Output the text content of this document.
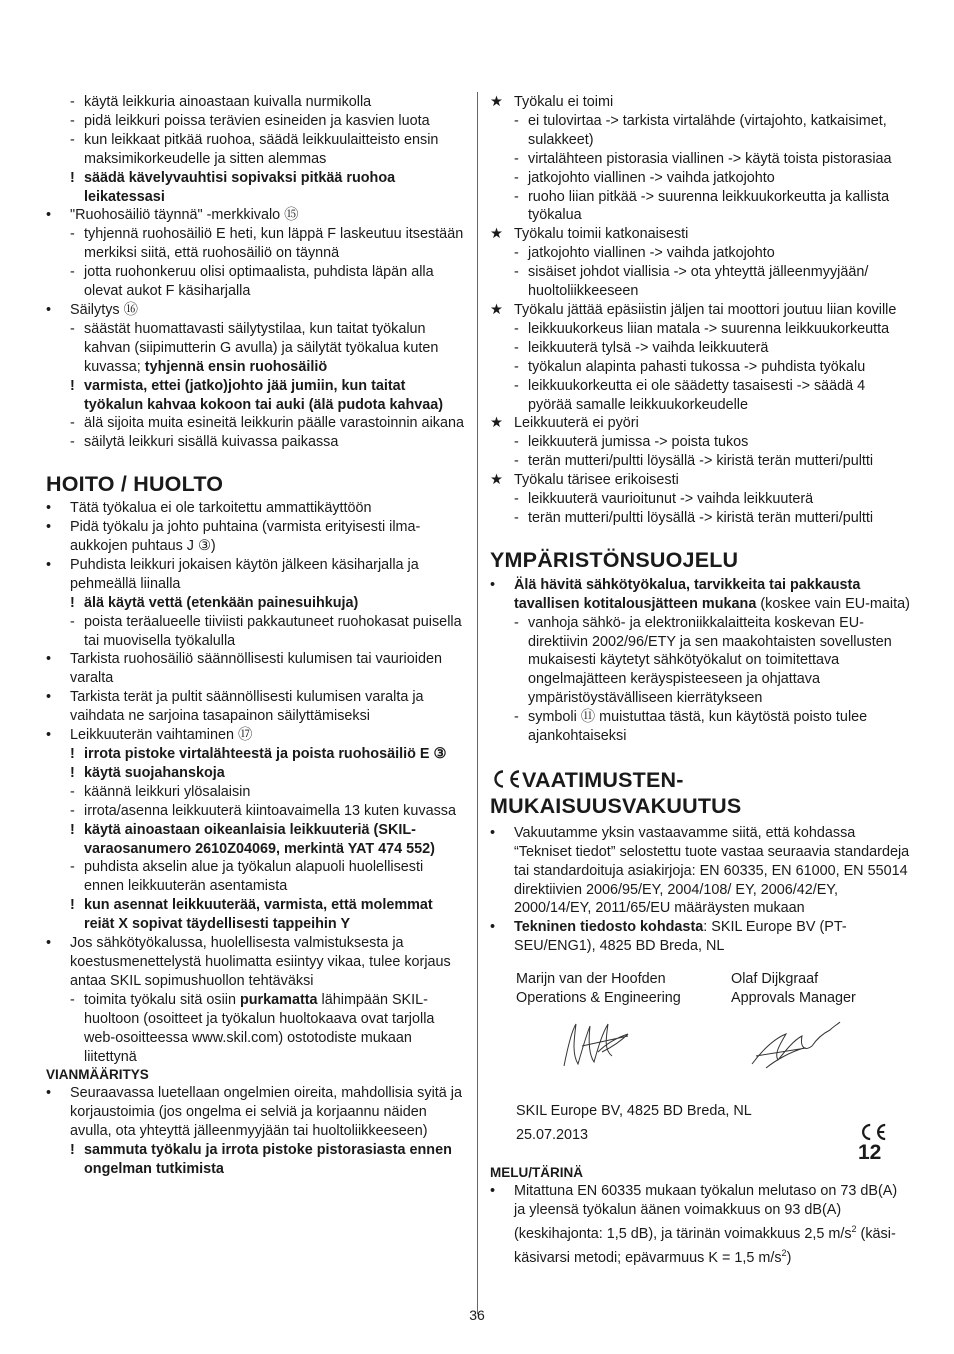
- käytä leikkuria ainoastaan kuivalla nurmikolla
- pidä leikkuri poissa terävien esineiden ja kasvien luota
- kun leikkaat pitkää ruohoa, säädä leikkuulaitteisto ensin maksimikorkeudelle ja sitten alemmas
! säädä kävelyvauhtisi sopivaksi pitkää ruohoa leikatessasi
• "Ruohosäiliö täynnä" -merkkivalo ⑮
- tyhjennä ruohosäiliö E heti, kun läppä F laskeutuu itsestään merkiksi siitä, että ruohosäiliö on täynnä
- jotta ruohonkeruu olisi optimaalista, puhdista läpän alla olevat aukot F käsiharjalla
• Säilytys ⑯
- säästät huomattavasti säilytystilaa, kun taitat työkalun kahvan (siipimutterin G avulla) ja säilytät työkalua kuten kuvassa; tyhjennä ensin ruohosäiliö
! varmista, ettei (jatko)johto jää jumiin, kun taitat työkalun kahvaa kokoon tai auki (älä pudota kahvaa)
- älä sijoita muita esineitä leikkurin päälle varastoinnin aikana
- säilytä leikkuri sisällä kuivassa paikassa
HOITO / HUOLTO
• Tätä työkalua ei ole tarkoitettu ammattikäyttöön
• Pidä työkalu ja johto puhtaina (varmista erityisesti ilma-aukkojen puhtaus J ③)
• Puhdista leikkuri jokaisen käytön jälkeen käsiharjalla ja pehmeällä liinalla
! älä käytä vettä (etenkään painesuihkuja)
- poista teräalueelle tiiviisti pakkautuneet ruohokasat puisella tai muovisella työkalulla
• Tarkista ruohosäiliö säännöllisesti kulumisen tai vaurioiden varalta
• Tarkista terät ja pultit säännöllisesti kulumisen varalta ja vaihdata ne sarjoina tasapainon säilyttämiseksi
• Leikkuuterän vaihtaminen ⑰
! irrota pistoke virtalähteestä ja poista ruohosäiliö E ③
! käytä suojahanskoja
- käännä leikkuri ylösalaisin
- irrota/asenna leikkuuterä kiintoavaimella 13 kuten kuvassa
! käytä ainoastaan oikeanlaisia leikkuuteriä (SKIL-varaosanumero 2610Z04069, merkintä YAT 474 552)
- puhdista akselin alue ja työkalun alapuoli huolellisesti ennen leikkuuterän asentamista
! kun asennat leikkuuterää, varmista, että molemmat reiät X sopivat täydellisesti tappeihin Y
• Jos sähkötyökalussa, huolellisesta valmistuksesta ja koestusmenettelystä huolimatta esiintyy vikaa, tulee korjaus antaa SKIL sopimushuollon tehtäväksi
- toimita työkalu sitä osiin purkamatta lähimpään SKIL-huoltoon (osoitteet ja työkalun huoltokaava ovat tarjolla web-osoitteessa www.skil.com) ostotodiste mukaan liitettynä
VIANMÄÄRITYS
• Seuraavassa luetellaan ongelmien oireita, mahdollisia syitä ja korjaustoimia (jos ongelma ei selviä ja korjaannu näiden avulla, ota yhteyttä jälleenmyyjään tai huoltoliikkeeseen)
! sammuta työkalu ja irrota pistoke pistorasiasta ennen ongelman tutkimista
★ Työkalu ei toimi
- ei tulovirtaa -> tarkista virtalähde (virtajohto, katkaisimet, sulakkeet)
- virtalähteen pistorasia viallinen -> käytä toista pistorasiaa
- jatkojohto viallinen -> vaihda jatkojohto
- ruoho liian pitkää -> suurenna leikkuukorkeutta ja kallista työkalua
★ Työkalu toimii katkonaisesti
- jatkojohto viallinen -> vaihda jatkojohto
- sisäiset johdot viallisia -> ota yhteyttä jälleenmyyjään/ huoltoliikkeeseen
★ Työkalu jättää epäsiistin jäljen tai moottori joutuu liian koville
- leikkuukorkeus liian matala -> suurenna leikkuukorkeutta
- leikkuuterä tylsä -> vaihda leikkuuterä
- työkalun alapinta pahasti tukossa -> puhdista työkalu
- leikkuukorkeutta ei ole säädetty tasaisesti -> säädä 4 pyörää samalle leikkuukorkeudelle
★ Leikkuuterä ei pyöri
- leikkuuterä jumissa -> poista tukos
- terän mutteri/pultti löysällä -> kiristä terän mutteri/pultti
★ Työkalu tärisee erikoisesti
- leikkuuterä vaurioitunut -> vaihda leikkuuterä
- terän mutteri/pultti löysällä -> kiristä terän mutteri/pultti
YMPÄRISTÖNSUOJELU
• Älä hävitä sähkötyökalua, tarvikkeita tai pakkausta tavallisen kotitalousjätteen mukana (koskee vain EU-maita)
- vanhoja sähkö- ja elektroniikkalaitteita koskevan EU-direktiivin 2002/96/ETY ja sen maakohtaisten sovellusten mukaisesti käytetyt sähkötyökalut on toimitettava ongelmajätteen keräyspisteeseen ja ohjattava ympäristöystävälliseen kierrätykseen
- symboli ⑪ muistuttaa tästä, kun käytöstä poisto tulee ajankohtaiseksi
VAATIMUSTEN-
MUKAISUUSVAKUUTUS
• Vakuutamme yksin vastaavamme siitä, että kohdassa “Tekniset tiedot” selostettu tuote vastaa seuraavia standardeja tai standardoituja asiakirjoja: EN 60335, EN 61000, EN 55014 direktiivien 2006/95/EY, 2004/108/ EY, 2006/42/EY, 2000/14/EY, 2011/65/EU määräysten mukaan
• Tekninen tiedosto kohdasta: SKIL Europe BV (PT-SEU/ENG1), 4825 BD Breda, NL
Marijn van der Hoofden
Operations & Engineering
Olaf Dijkgraaf
Approvals Manager
SKIL Europe BV, 4825 BD Breda, NL
25.07.2013
12
MELU/TÄRINÄ
• Mitattuna EN 60335 mukaan työkalun melutaso on 73 dB(A) ja yleensä työkalun äänen voimakkuus on 93 dB(A) (keskihajonta: 1,5 dB), ja tärinän voimakkuus 2,5 $m/s^2$ (käsi-käsivarsi metodi; epävarmuus K = 1,5 $m/s^2$)
36
